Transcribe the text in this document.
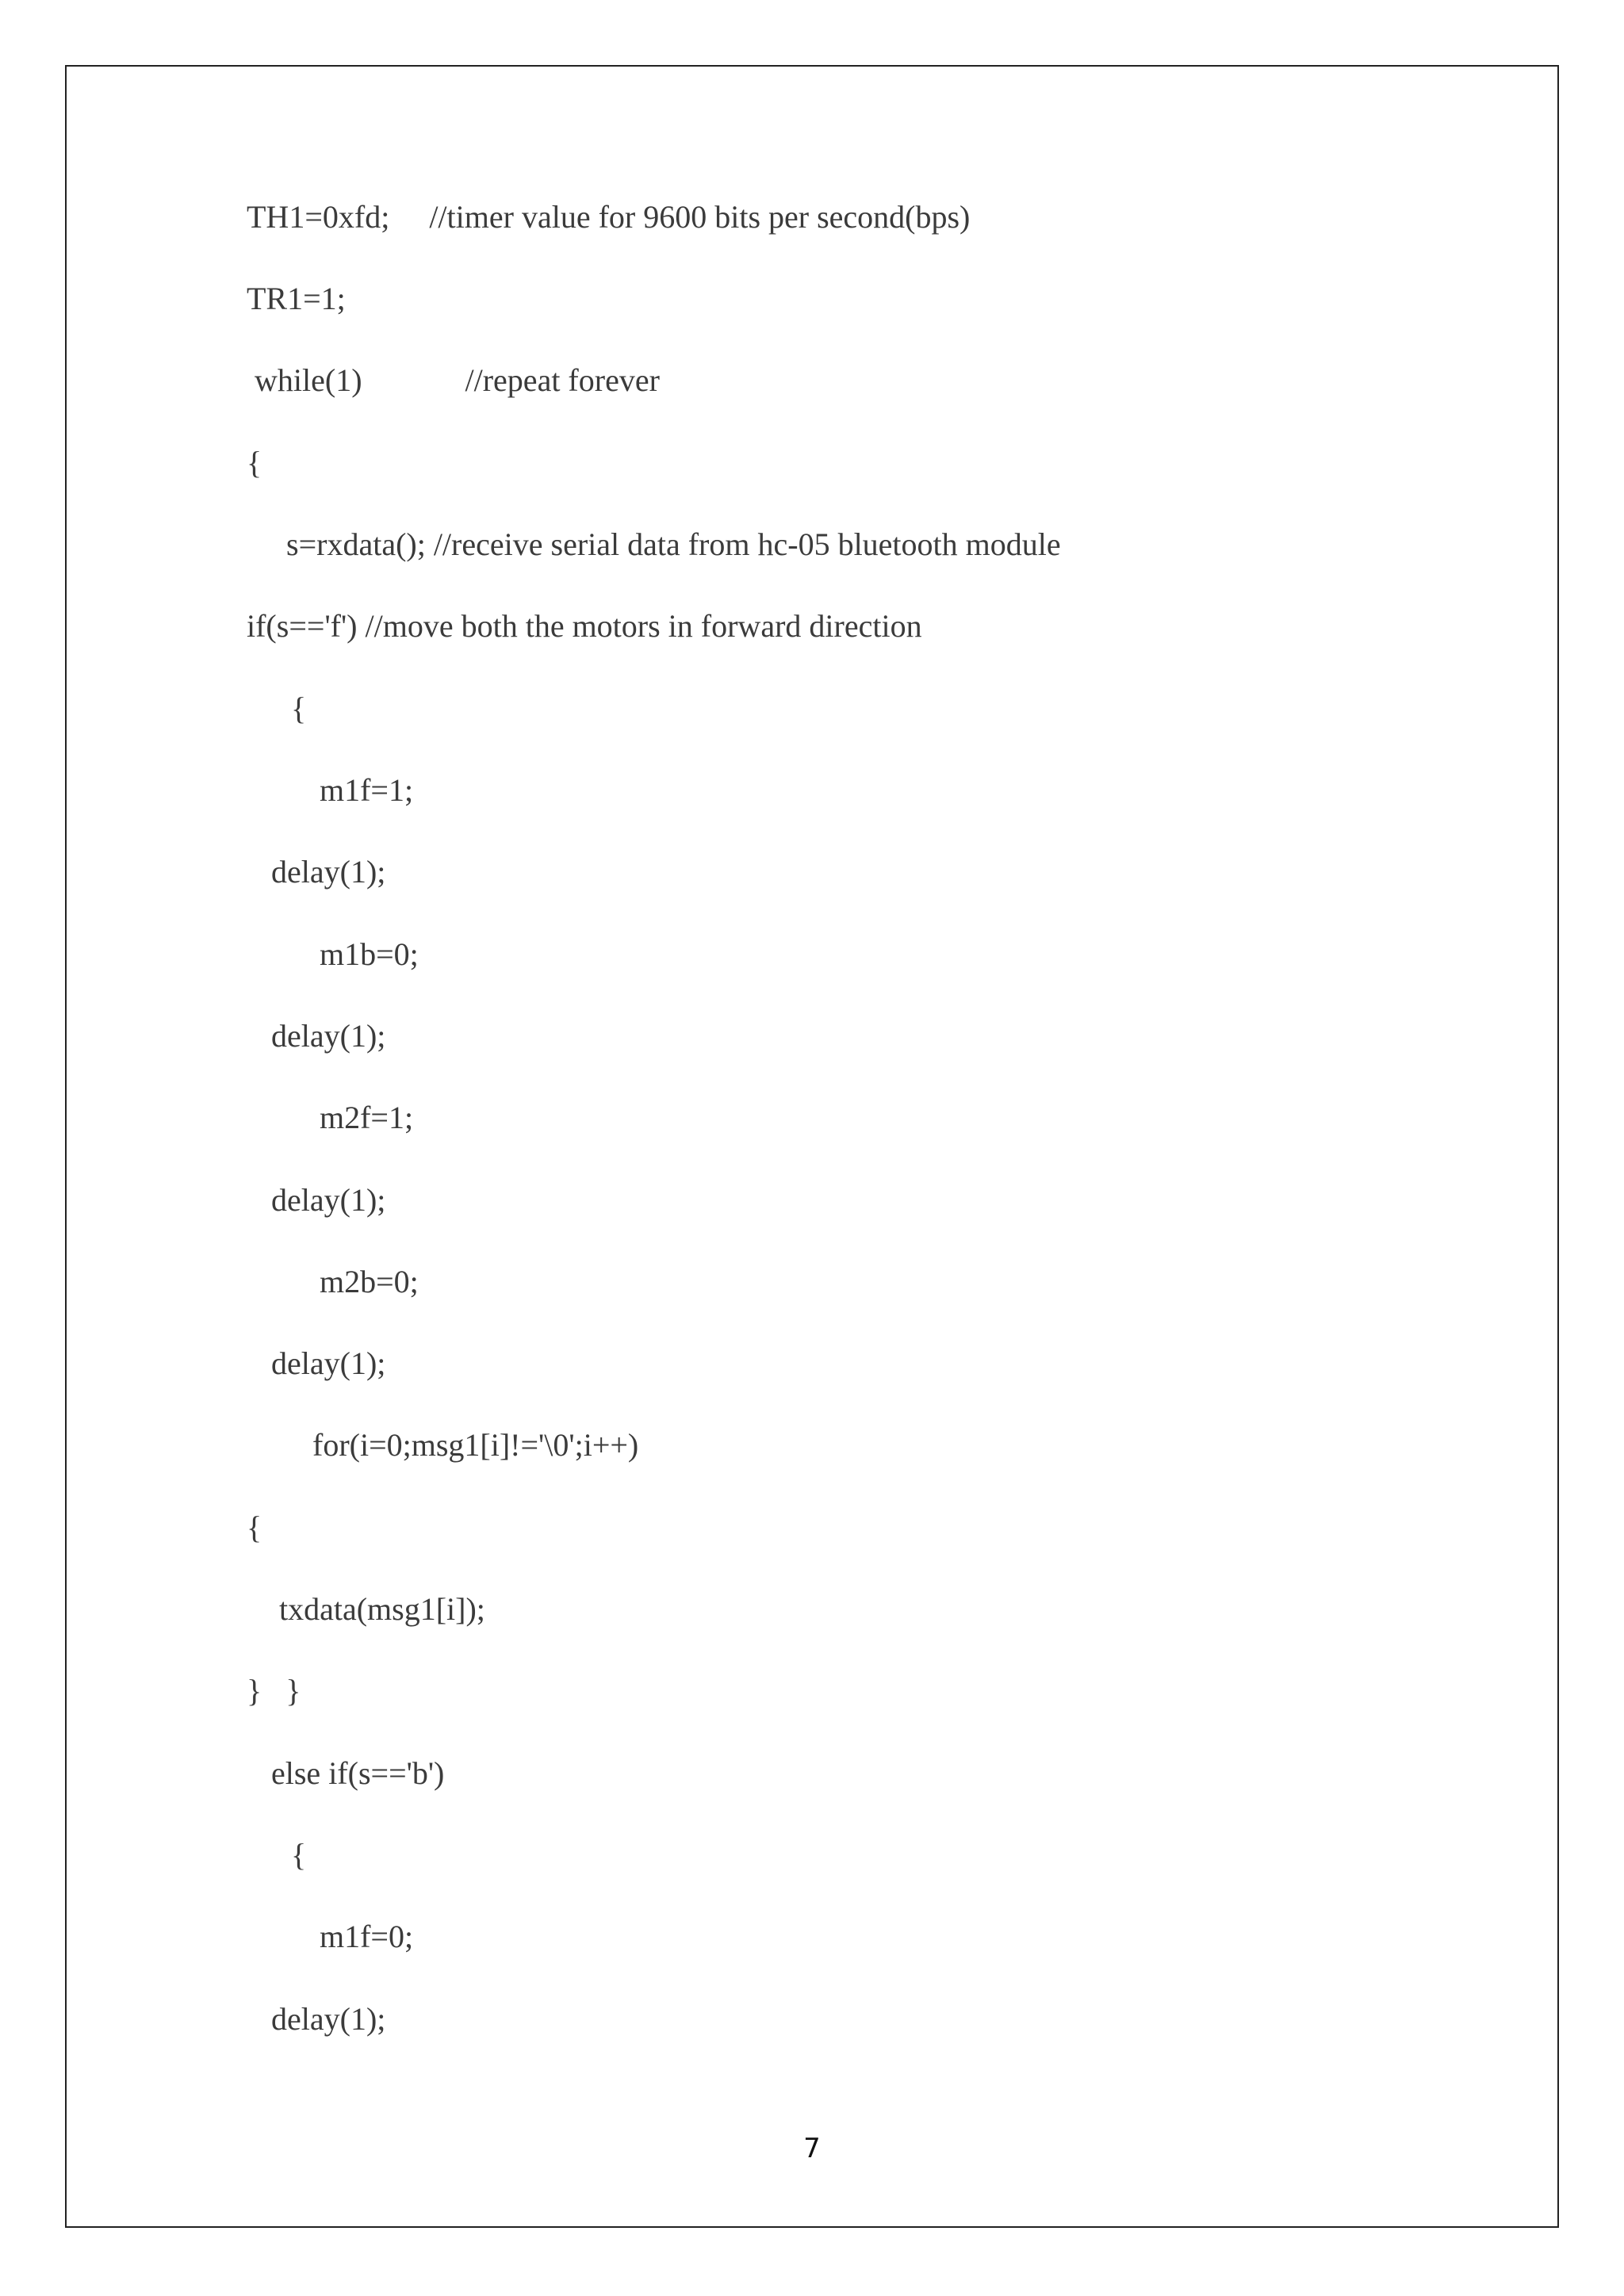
TH1=0xfd;     //timer value for 9600 bits per second(bps)

TR1=1;

while(1)             //repeat forever

{

s=rxdata(); //receive serial data from hc-05 bluetooth module

if(s=='f') //move both the motors in forward direction

{

m1f=1;

delay(1);

m1b=0;

delay(1);

m2f=1;

delay(1);

m2b=0;

delay(1);

for(i=0;msg1[i]!='\0';i++)

{

txdata(msg1[i]);

}   }

else if(s=='b')

{

m1f=0;

delay(1);

7
